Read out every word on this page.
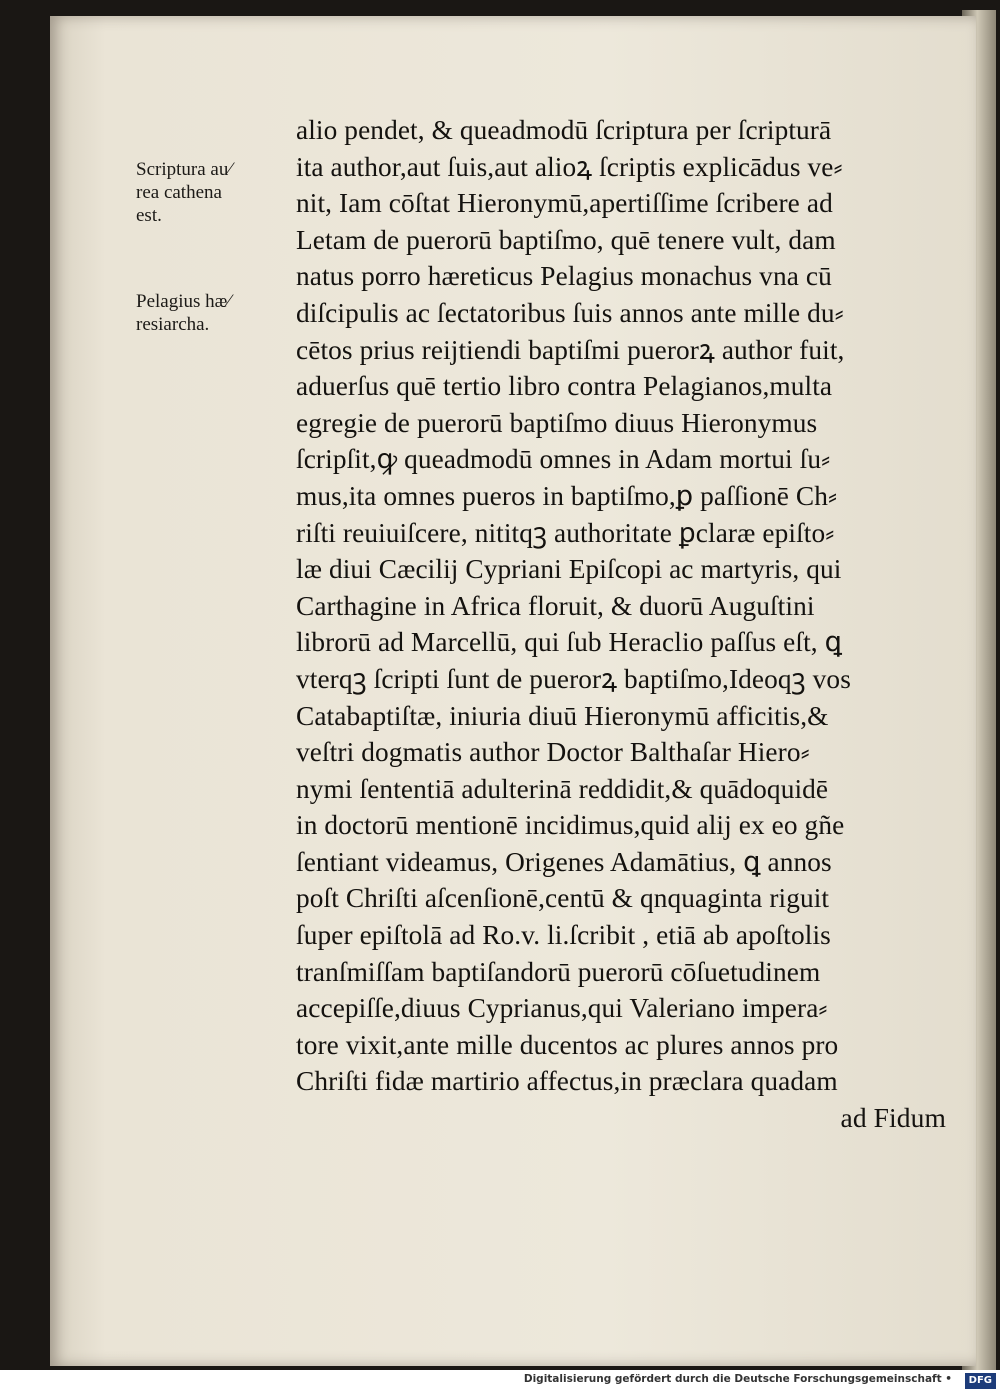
Scriptura au⁄
rea cathena
est.
Pelagius hæ⁄
resiarcha.
alio pendet, & queadmodū ſcriptura per ſcripturā
ita author,aut ſuis,aut alioꝝ ſcriptis explicādus ve⸗
nit, Iam cōſtat Hieronymū,apertiſſime ſcribere ad
Letam de puerorū baptiſmo, quē tenere vult, dam
natus porro hæreticus Pelagius monachus vna cū
diſcipulis ac ſectatoribus ſuis annos ante mille du⸗
cētos prius reijtiendi baptiſmi puerorꝝ author fuit,
aduerſus quē tertio libro contra Pelagianos,multa
egregie de puerorū baptiſmo diuus Hieronymus
ſcripſit,ꝙ queadmodū omnes in Adam mortui ſu⸗
mus,ita omnes pueros in baptiſmo,ꝑ paſſionē Ch⸗
riſti reuiuiſcere, nititqꝫ authoritate ꝑclaræ epiſto⸗
læ diui Cæcilij Cypriani Epiſcopi ac martyris, qui
Carthagine in Africa floruit, & duorū Auguſtini
librorū ad Marcellū, qui ſub Heraclio paſſus eſt, ꝗ
vterqꝫ ſcripti ſunt de puerorꝝ baptiſmo,Ideoqꝫ vos
Catabaptiſtæ, iniuria diuū Hieronymū afficitis,&
veſtri dogmatis author Doctor Balthaſar Hiero⸗
nymi ſententiā adulterinā reddidit,& quādoquidē
in doctorū mentionē incidimus,quid alij ex eo gñe
ſentiant videamus, Origenes Adamātius, ꝗ annos
poſt Chriſti aſcenſionē,centū & qnquaginta riguit
ſuper epiſtolā ad Ro.v. li.ſcribit , etiā ab apoſtolis
tranſmiſſam baptiſandorū puerorū cōſuetudinem
accepiſſe,diuus Cyprianus,qui Valeriano impera⸗
tore vixit,ante mille ducentos ac plures annos pro
Chriſti fidæ martirio affectus,in præclara quadam
ad Fidum
Digitalisierung gefördert durch die Deutsche Forschungsgemeinschaft •	DFG
